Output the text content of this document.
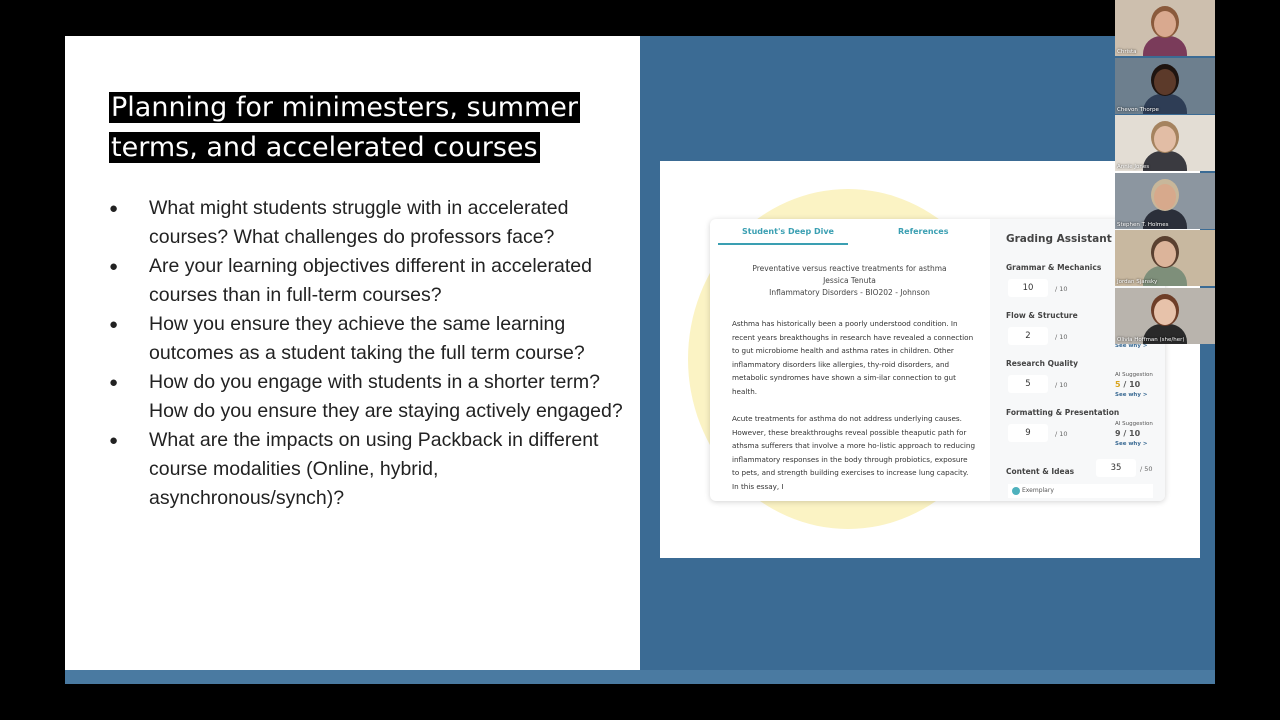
Planning for minimesters, summer terms, and accelerated courses
● What might students struggle with in accelerated courses? What challenges do professors face?
● Are your learning objectives different in accelerated courses than in full-term courses?
● How you ensure they achieve the same learning outcomes as a student taking the full term course?
● How do you engage with students in a shorter term? How do you ensure they are staying actively engaged?
● What are the impacts on using Packback in different course modalities (Online, hybrid, asynchronous/synch)?
Student's Deep Dive	References
Preventative versus reactive treatments for asthma
Jessica Tenuta
Inflammatory Disorders - BIO202 - Johnson

Asthma has historically been a poorly understood condition. In recent years breakthoughs in research have revealed a connection to gut microbiome health and asthma rates in children. Other inflammatory disorders like allergies, thy-roid disorders, and metabolic syndromes have shown a sim-ilar connection to gut health.

Acute treatments for asthma do not address underlying causes. However, these breakthroughs reveal possible theaputic path for athsma sufferers that involve a more ho-listic approach to reducing inflammatory responses in the body through probiotics, exposure to pets, and strength building exercises to increase lung capacity. In this essay, I

Grading Assistant
Grammar & Mechanics
10	/ 10
Flow & Structure
2	/ 10
See why >
Research Quality
5	/ 10
AI Suggestion
5 / 10
See why >
Formatting & Presentation
9	/ 10
AI Suggestion
9 / 10
See why >
Content & Ideas	35	/ 50
Exemplary
Christa
Chevon Thorpe
Annie Jones
Stephen T. Holmes
Jordan Sjansky
Olivia Hoffman (she/her)
